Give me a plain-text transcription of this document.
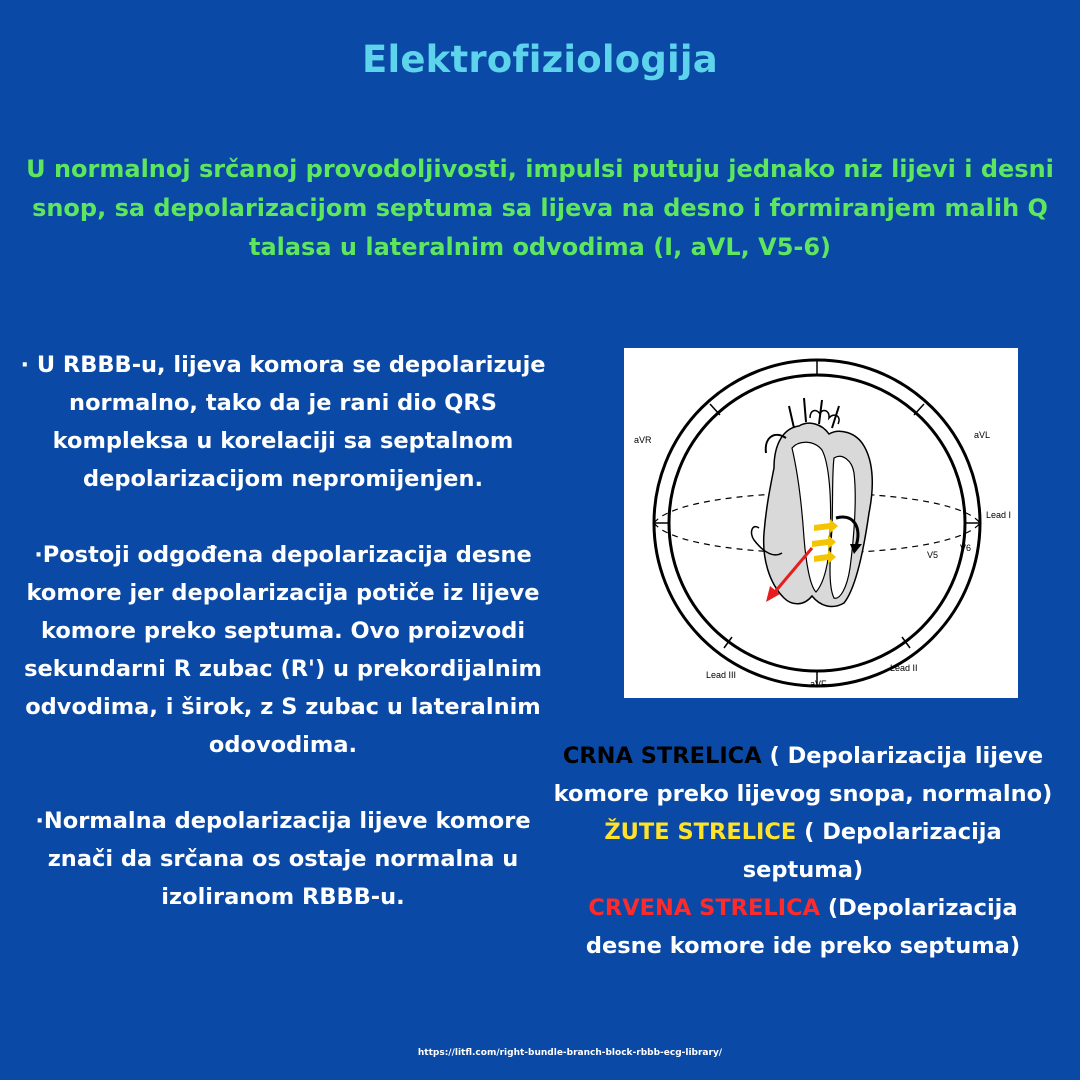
Elektrofiziologija
U normalnoj srčanoj provodoljivosti, impulsi putuju jednako niz lijevi i desni snop, sa depolarizacijom septuma sa lijeva na desno i formiranjem malih Q talasa u lateralnim odvodima (I, aVL, V5-6)

· U RBBB-u, lijeva komora se depolarizuje normalno, tako da je rani dio QRS kompleksa u korelaciji sa septalnom depolarizacijom nepromijenjen.

·Postoji odgođena depolarizacija desne komore jer depolarizacija potiče iz lijeve komore preko septuma. Ovo proizvodi sekundarni R zubac (R') u prekordijalnim odvodima, i širok, z S zubac u lateralnim odovodima.

·Normalna depolarizacija lijeve komore znači da srčana os ostaje normalna u izoliranom RBBB-u.

aVR	aVL
Lead I
V5
V6
Lead III
aVF
Lead II
CRNA STRELICA ( Depolarizacija lijeve komore preko lijevog snopa, normalno)
ŽUTE STRELICE ( Depolarizacija septuma)
CRVENA STRELICA (Depolarizacija desne komore ide preko septuma)
https://litfl.com/right-bundle-branch-block-rbbb-ecg-library/
